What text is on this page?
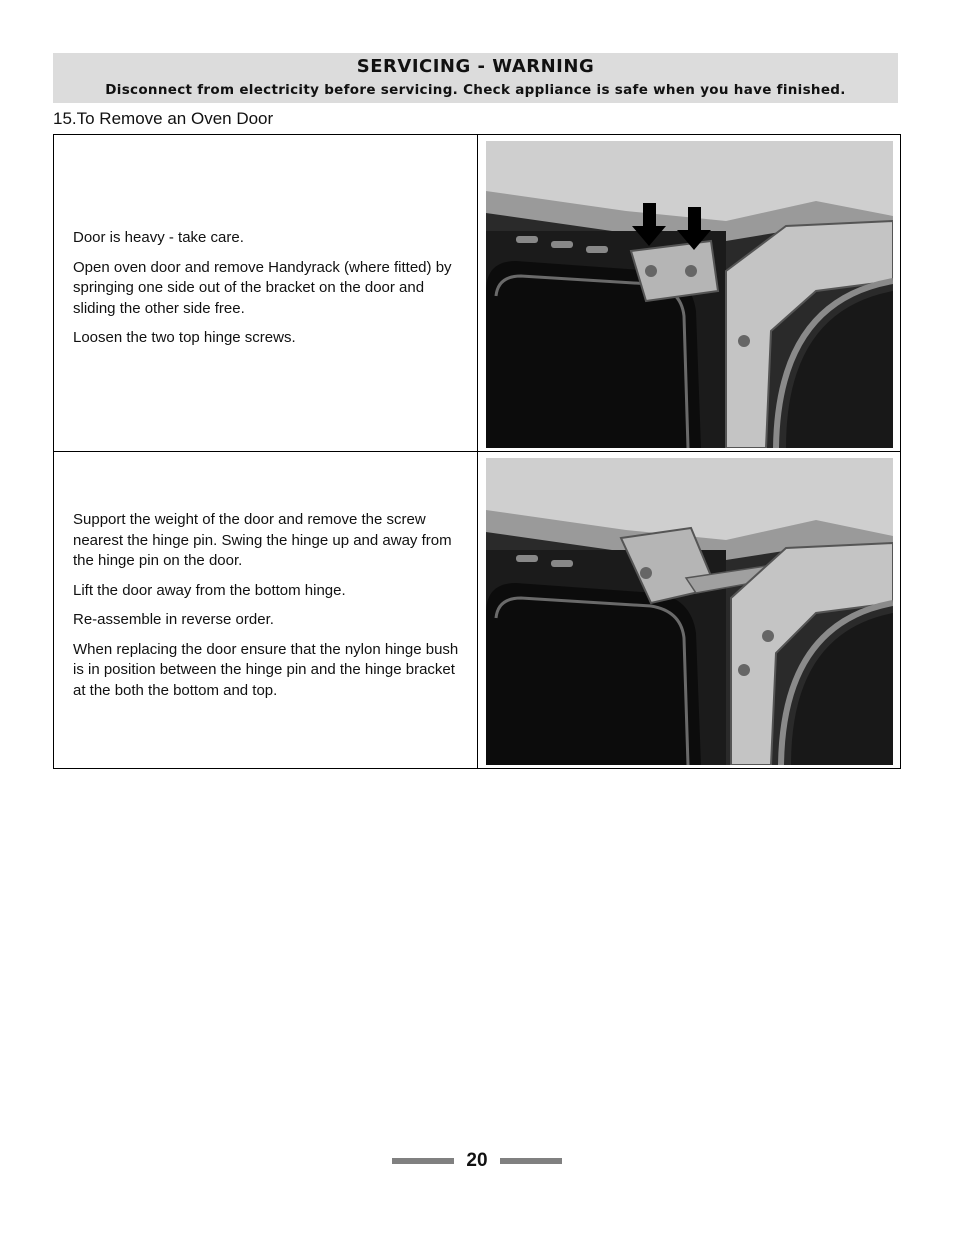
SERVICING - WARNING
Disconnect from electricity before servicing. Check appliance is safe when you have finished.
15.To Remove an Oven Door

Door is heavy - take care.

Open oven door and remove Handyrack (where fitted) by springing one side out of the bracket on the door and sliding the other side free.

Loosen the two top hinge screws.

Support the weight of the door and remove the screw nearest the hinge pin. Swing the hinge up and away from the hinge pin on the door.

Lift the door away from the bottom hinge.

Re-assemble in reverse order.

When replacing the door ensure that the nylon hinge bush is in position between the hinge pin and the hinge bracket at the both the bottom and top.

20
